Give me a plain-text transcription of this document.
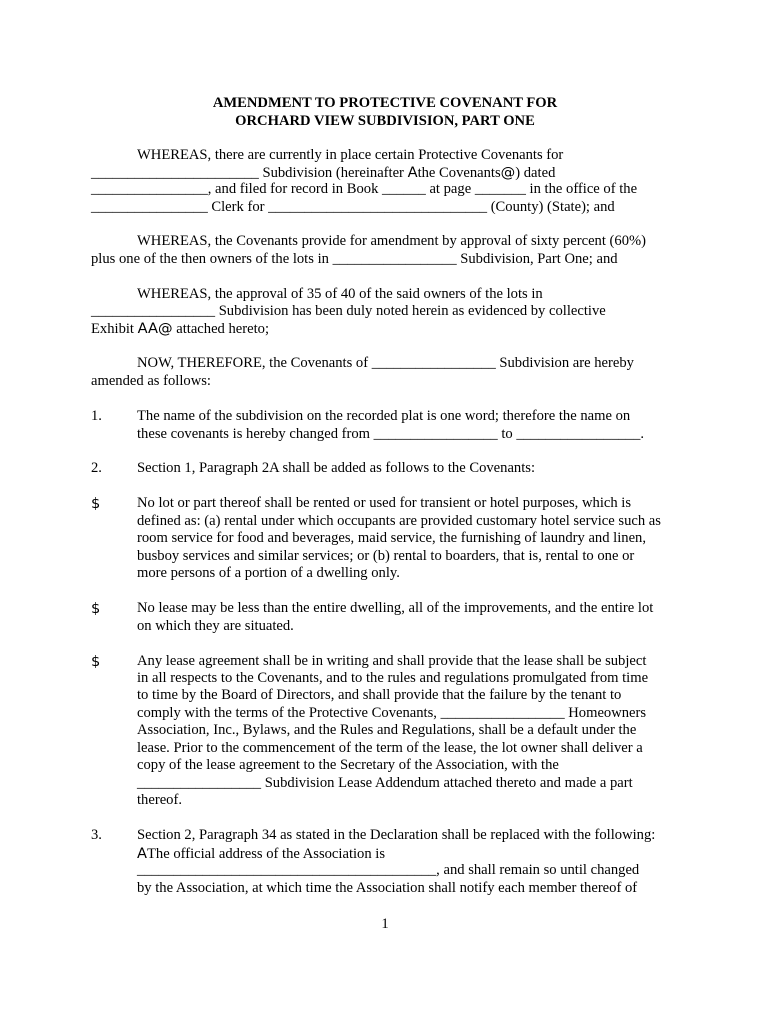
AMENDMENT TO PROTECTIVE COVENANT FOR
ORCHARD VIEW SUBDIVISION, PART ONE
WHEREAS, there are currently in place certain Protective Covenants for
_______________________ Subdivision (hereinafter Athe Covenants@) dated
________________, and filed for record in Book ______ at page _______ in the office of the
________________ Clerk for ______________________________ (County) (State); and
WHEREAS, the Covenants provide for amendment by approval of sixty percent (60%)
plus one of the then owners of the lots in _________________ Subdivision, Part One; and
WHEREAS, the approval of 35 of 40 of the said owners of the lots in
_________________ Subdivision has been duly noted herein as evidenced by collective
Exhibit AA@ attached hereto;
NOW, THEREFORE, the Covenants of _________________ Subdivision are hereby
amended as follows:
1. The name of the subdivision on the recorded plat is one word; therefore the name on
these covenants is hereby changed from _________________ to _________________.
2. Section 1, Paragraph 2A shall be added as follows to the Covenants:
$	No lot or part thereof shall be rented or used for transient or hotel purposes, which is
defined as: (a) rental under which occupants are provided customary hotel service such as
room service for food and beverages, maid service, the furnishing of laundry and linen,
busboy services and similar services; or (b) rental to boarders, that is, rental to one or
more persons of a portion of a dwelling only.
$	No lease may be less than the entire dwelling, all of the improvements, and the entire lot
on which they are situated.
$	Any lease agreement shall be in writing and shall provide that the lease shall be subject
in all respects to the Covenants, and to the rules and regulations promulgated from time
to time by the Board of Directors, and shall provide that the failure by the tenant to
comply with the terms of the Protective Covenants, _________________ Homeowners
Association, Inc., Bylaws, and the Rules and Regulations, shall be a default under the
lease. Prior to the commencement of the term of the lease, the lot owner shall deliver a
copy of the lease agreement to the Secretary of the Association, with the
_________________ Subdivision Lease Addendum attached thereto and made a part
thereof.
3. Section 2, Paragraph 34 as stated in the Declaration shall be replaced with the following:
AThe official address of the Association is
_________________________________________, and shall remain so until changed
by the Association, at which time the Association shall notify each member thereof of
1
